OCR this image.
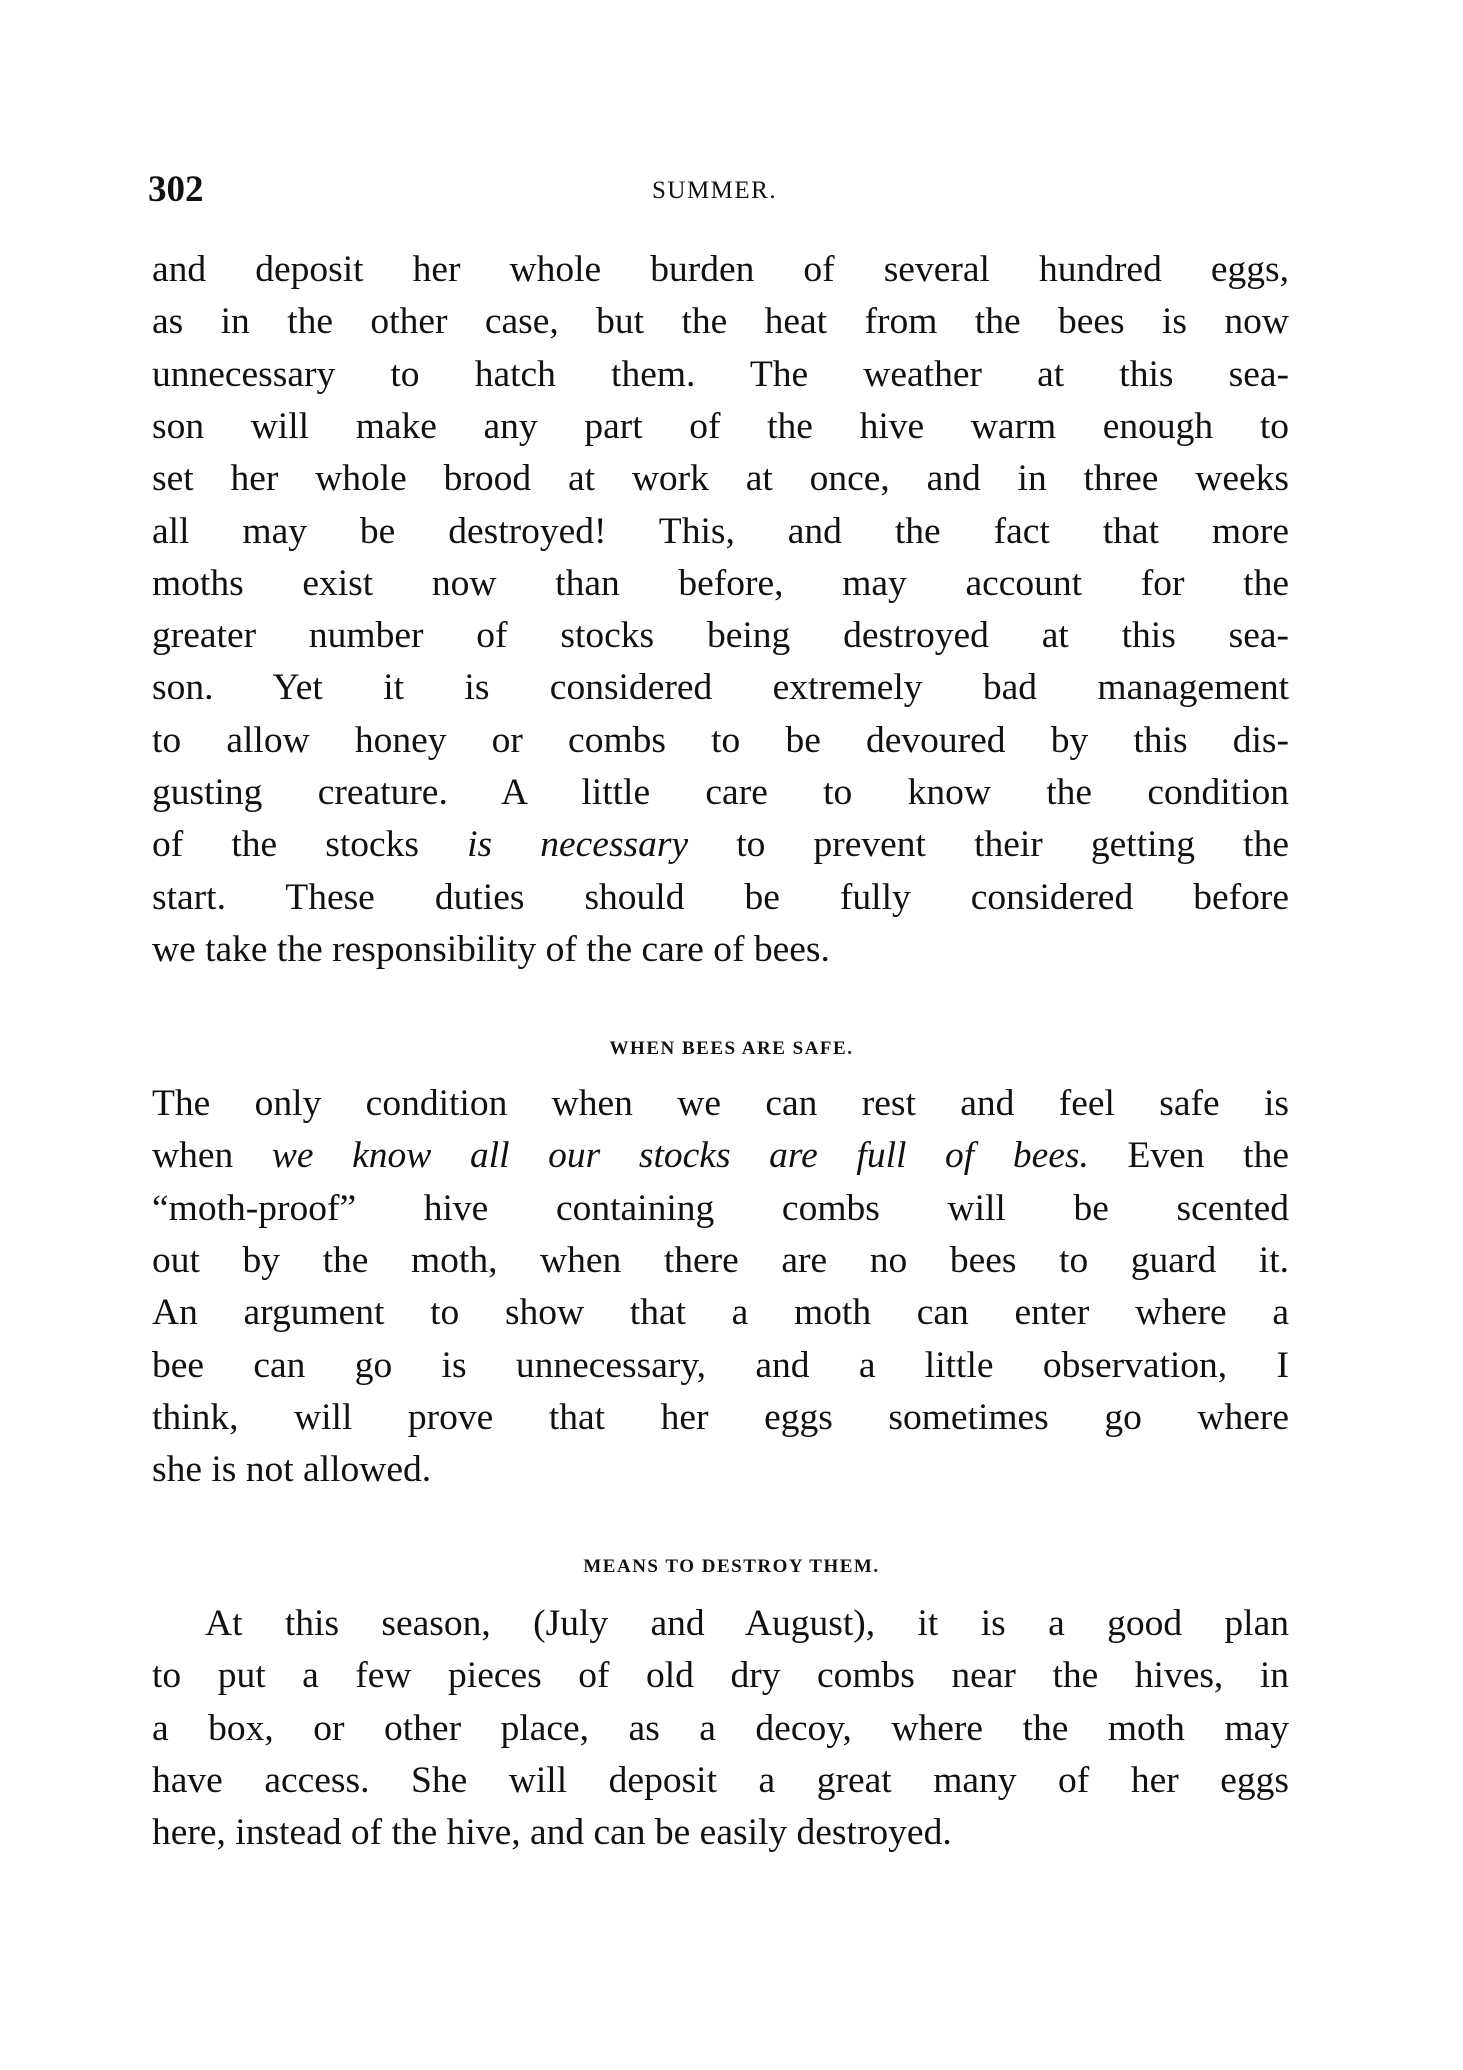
302	SUMMER.
and deposit her whole burden of several hundred eggs,
as in the other case, but the heat from the bees is now
unnecessary to hatch them. The weather at this sea-
son will make any part of the hive warm enough to
set her whole brood at work at once, and in three weeks
all may be destroyed! This, and the fact that more
moths exist now than before, may account for the
greater number of stocks being destroyed at this sea-
son. Yet it is considered extremely bad management
to allow honey or combs to be devoured by this dis-
gusting creature. A little care to know the condition
of the stocks is necessary to prevent their getting the
start. These duties should be fully considered before
we take the responsibility of the care of bees.
WHEN BEES ARE SAFE.
The only condition when we can rest and feel safe is
when we know all our stocks are full of bees. Even the
“moth-proof” hive containing combs will be scented
out by the moth, when there are no bees to guard it.
An argument to show that a moth can enter where a
bee can go is unnecessary, and a little observation, I
think, will prove that her eggs sometimes go where
she is not allowed.
MEANS TO DESTROY THEM.
At this season, (July and August), it is a good plan
to put a few pieces of old dry combs near the hives, in
a box, or other place, as a decoy, where the moth may
have access. She will deposit a great many of her eggs
here, instead of the hive, and can be easily destroyed.
